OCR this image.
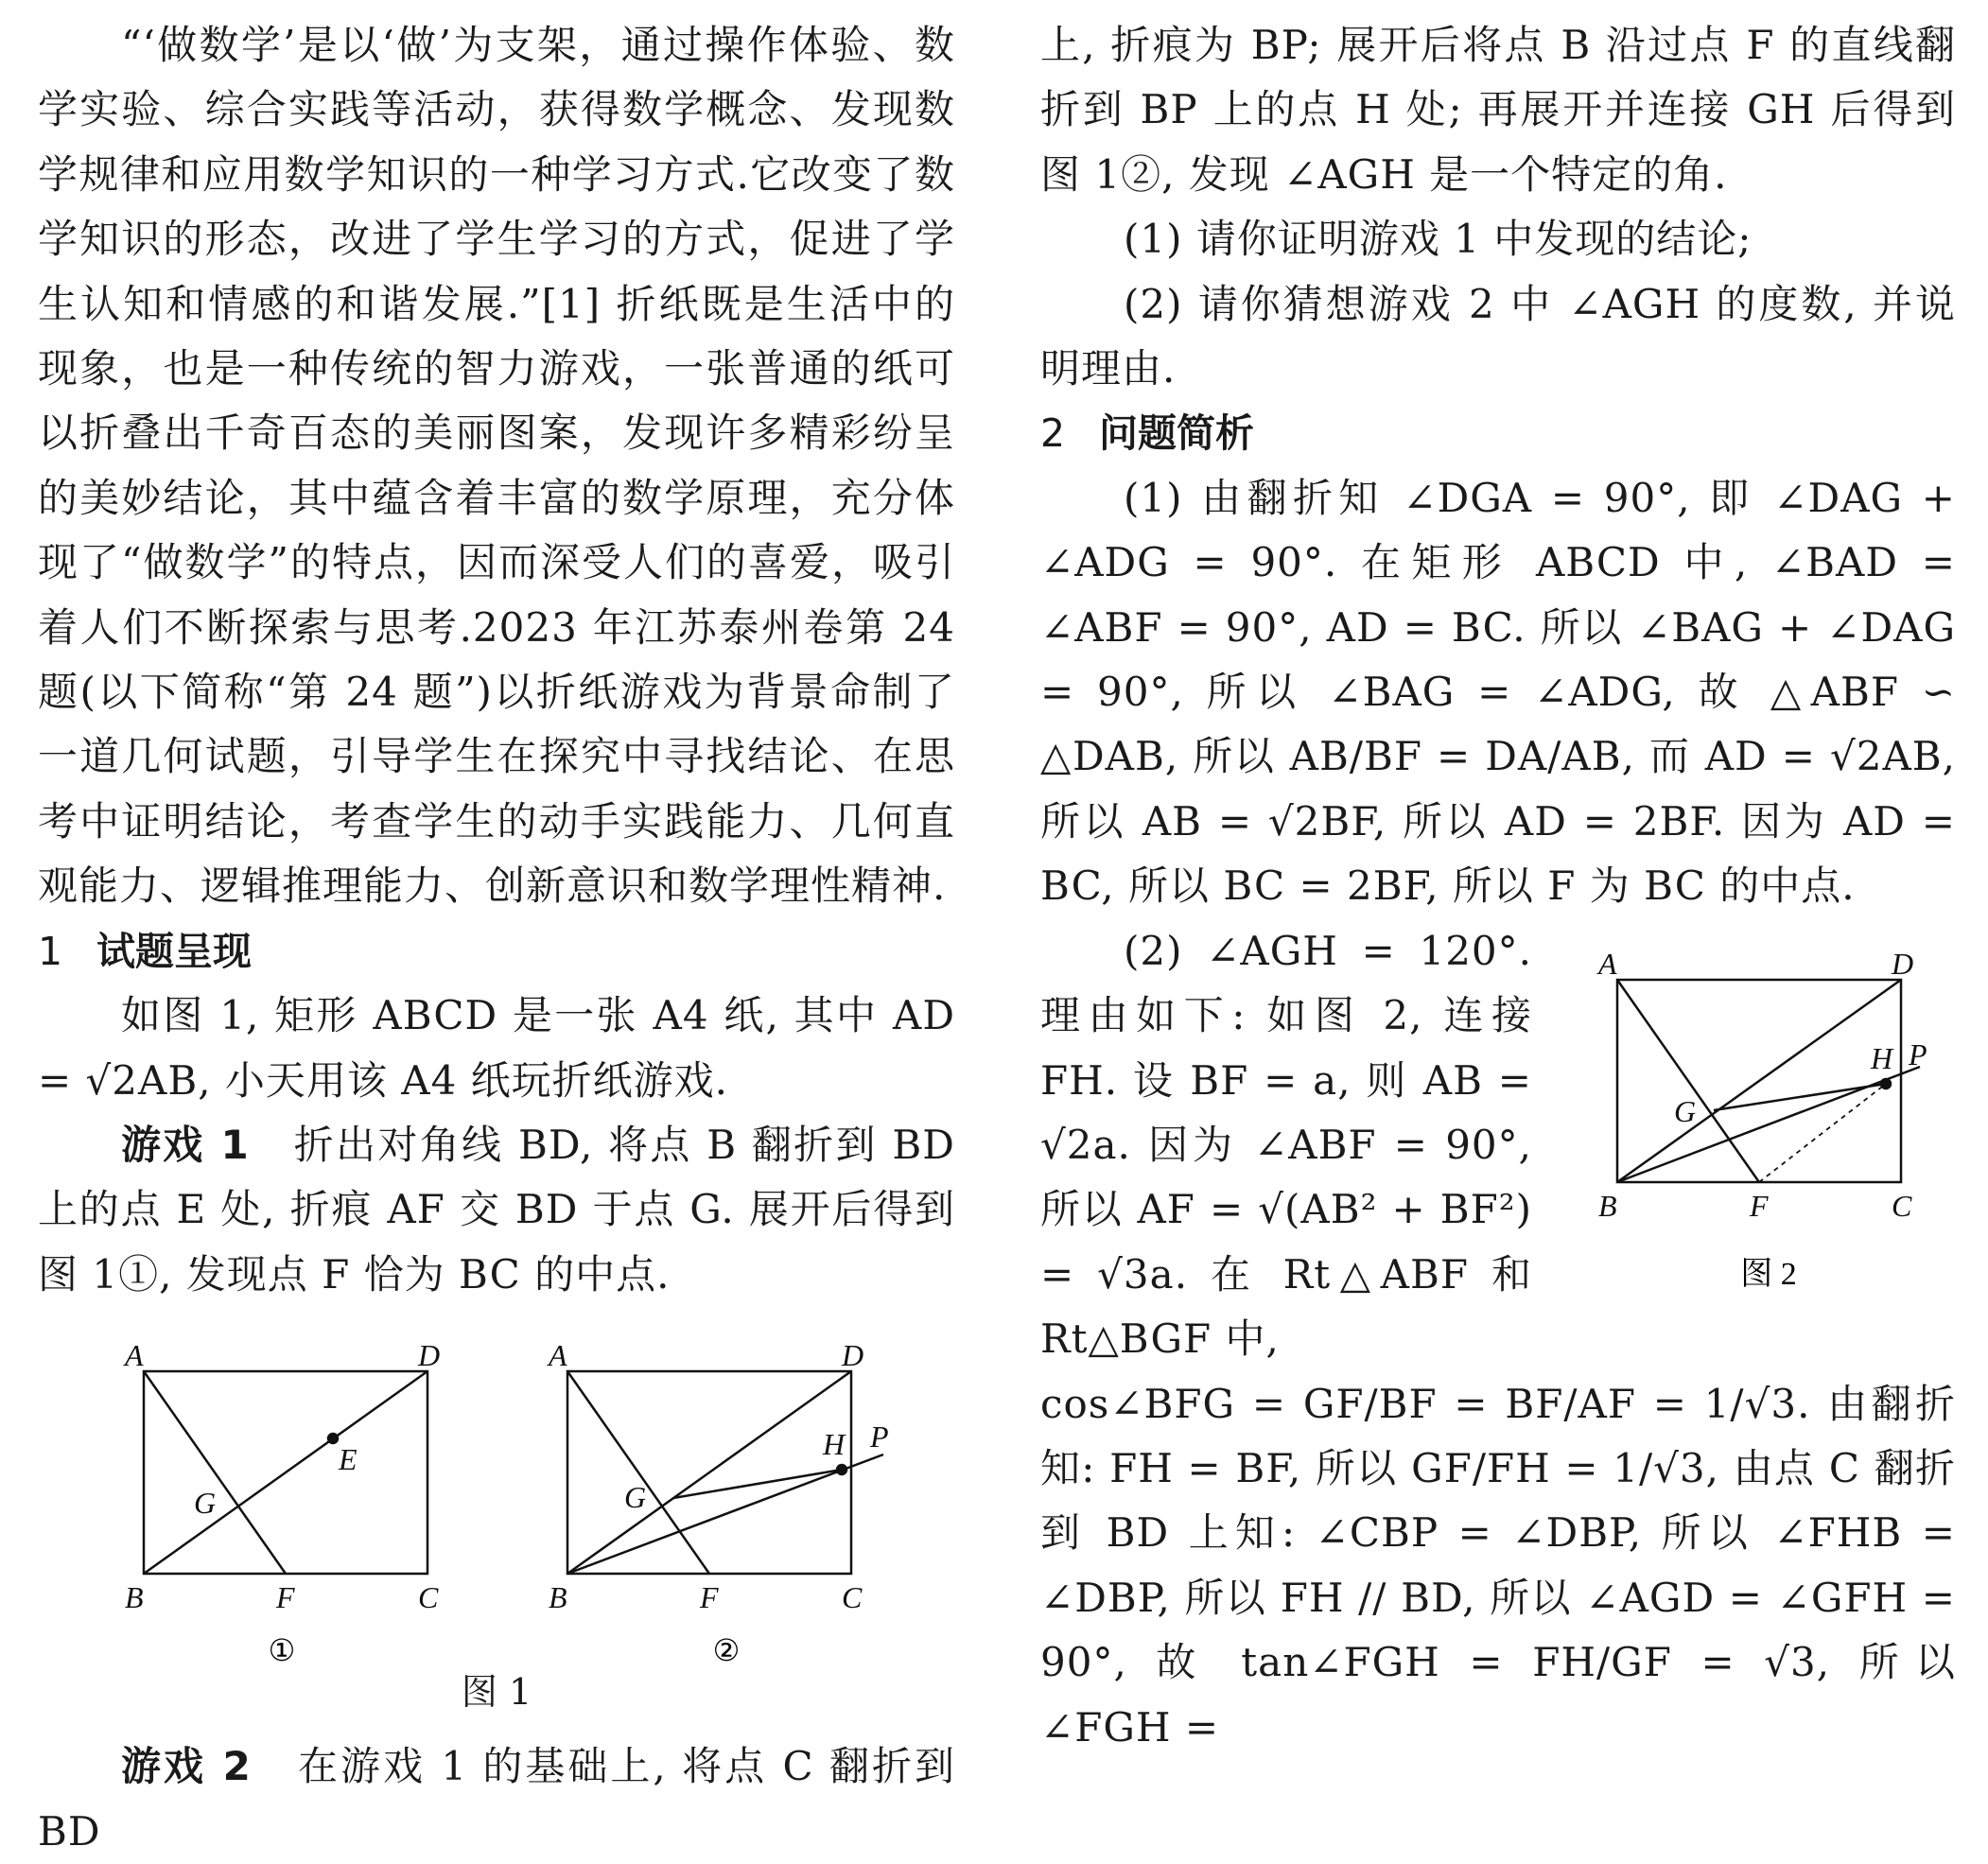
“‘做数学’是以‘做’为支架，通过操作体验、数学实验、综合实践等活动，获得数学概念、发现数学规律和应用数学知识的一种学习方式.它改变了数学知识的形态，改进了学生学习的方式，促进了学生认知和情感的和谐发展.”[1] 折纸既是生活中的现象，也是一种传统的智力游戏，一张普通的纸可以折叠出千奇百态的美丽图案，发现许多精彩纷呈的美妙结论，其中蕴含着丰富的数学原理，充分体现了“做数学”的特点，因而深受人们的喜爱，吸引着人们不断探索与思考.2023 年江苏泰州卷第 24 题(以下简称“第 24 题”)以折纸游戏为背景命制了一道几何试题，引导学生在探究中寻找结论、在思考中证明结论，考查学生的动手实践能力、几何直观能力、逻辑推理能力、创新意识和数学理性精神.

1 试题呈现

如图 1, 矩形 ABCD 是一张 A4 纸, 其中 AD = √2AB, 小天用该 A4 纸玩折纸游戏.

游戏 1 折出对角线 BD, 将点 B 翻折到 BD 上的点 E 处, 折痕 AF 交 BD 于点 G. 展开后得到图 1①, 发现点 F 恰为 BC 的中点.

A	D
B	F	C
E
G
①
A	D
B	F	C
H P
G
②
图 1

游戏 2 在游戏 1 的基础上, 将点 C 翻折到 BD

上, 折痕为 BP; 展开后将点 B 沿过点 F 的直线翻折到 BP 上的点 H 处; 再展开并连接 GH 后得到图 1②, 发现 ∠AGH 是一个特定的角.

(1) 请你证明游戏 1 中发现的结论;

(2) 请你猜想游戏 2 中 ∠AGH 的度数, 并说明理由.

2 问题简析

(1) 由翻折知 ∠DGA = 90°, 即 ∠DAG + ∠ADG = 90°. 在矩形 ABCD 中, ∠BAD = ∠ABF = 90°, AD = BC. 所以 ∠BAG + ∠DAG = 90°, 所以 ∠BAG = ∠ADG, 故 △ABF ∽ △DAB, 所以 AB/BF = DA/AB, 而 AD = √2AB, 所以 AB = √2BF, 所以 AD = 2BF. 因为 AD = BC, 所以 BC = 2BF, 所以 F 为 BC 的中点.

(2) ∠AGH = 120°. 理由如下: 如图 2, 连接 FH. 设 BF = a, 则 AB = √2a. 因为 ∠ABF = 90°, 所以 AF = √(AB² + BF²) = √3a. 在 Rt△ABF 和 Rt△BGF 中,

cos∠BFG = GF/BF = BF/AF = 1/√3. 由翻折知: FH = BF, 所以 GF/FH = 1/√3, 由点 C 翻折到 BD 上知: ∠CBP = ∠DBP, 所以 ∠FHB = ∠DBP, 所以 FH // BD, 所以 ∠AGD = ∠GFH = 90°, 故 tan∠FGH = FH/GF = √3, 所以 ∠FGH =

A	D
B	F	C
H P
G
图 2
